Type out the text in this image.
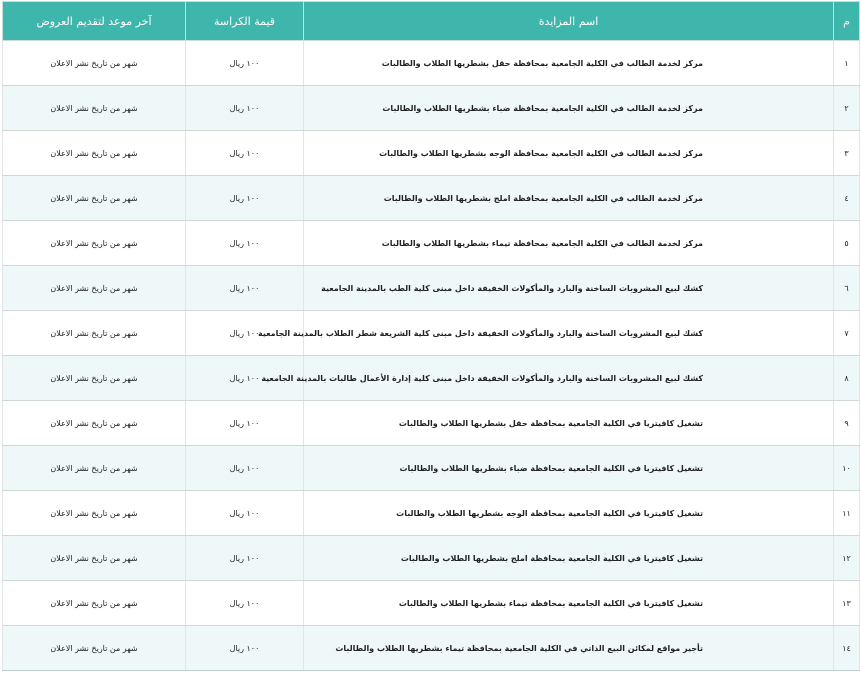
م	اسم المزايدة	قيمة الكراسة	آخر موعد لتقديم العروض
١	مركز لخدمة الطالب في الكلية الجامعية بمحافظة حقل بشطريها الطلاب والطالبات	١٠٠ ريال	شهر من تاريخ نشر الاعلان
٢	مركز لخدمة الطالب في الكلية الجامعية بمحافظة ضباء بشطريها الطلاب والطالبات	١٠٠ ريال	شهر من تاريخ نشر الاعلان
٣	مركز لخدمة الطالب في الكلية الجامعية بمحافظة الوجه بشطريها الطلاب والطالبات	١٠٠ ريال	شهر من تاريخ نشر الاعلان
٤	مركز لخدمة الطالب في الكلية الجامعية بمحافظة املج بشطريها الطلاب والطالبات	١٠٠ ريال	شهر من تاريخ نشر الاعلان
٥	مركز لخدمة الطالب في الكلية الجامعية بمحافظة تيماء بشطريها الطلاب والطالبات	١٠٠ ريال	شهر من تاريخ نشر الاعلان
٦	كشك لبيع المشروبات الساخنة والبارد والمأكولات الخفيفة داخل مبنى كلية الطب بالمدينة الجامعية	١٠٠ ريال	شهر من تاريخ نشر الاعلان
٧	كشك لبيع المشروبات الساخنة والبارد والمأكولات الخفيفة داخل مبنى كلية الشريعة شطر الطلاب بالمدينة الجامعية	١٠٠ ريال	شهر من تاريخ نشر الاعلان
٨	كشك لبيع المشروبات الساخنة والبارد والمأكولات الخفيفة داخل مبنى كلية إدارة الأعمال طالبات بالمدينة الجامعية	١٠٠ ريال	شهر من تاريخ نشر الاعلان
٩	تشغيل كافيتريا في الكلية الجامعية بمحافظة حقل بشطريها الطلاب والطالبات	١٠٠ ريال	شهر من تاريخ نشر الاعلان
١٠	تشغيل كافيتريا في الكلية الجامعية بمحافظة ضباء بشطريها الطلاب والطالبات	١٠٠ ريال	شهر من تاريخ نشر الاعلان
١١	تشغيل كافيتريا في الكلية الجامعية بمحافظة الوجه بشطريها الطلاب والطالبات	١٠٠ ريال	شهر من تاريخ نشر الاعلان
١٢	تشغيل كافيتريا في الكلية الجامعية بمحافظة املج بشطريها الطلاب والطالبات	١٠٠ ريال	شهر من تاريخ نشر الاعلان
١٣	تشغيل كافيتريا في الكلية الجامعية بمحافظة تيماء بشطريها الطلاب والطالبات	١٠٠ ريال	شهر من تاريخ نشر الاعلان
١٤	تأجير مواقع لمكائن البيع الذاتي في الكلية الجامعية بمحافظة تيماء بشطريها الطلاب والطالبات	١٠٠ ريال	شهر من تاريخ نشر الاعلان
